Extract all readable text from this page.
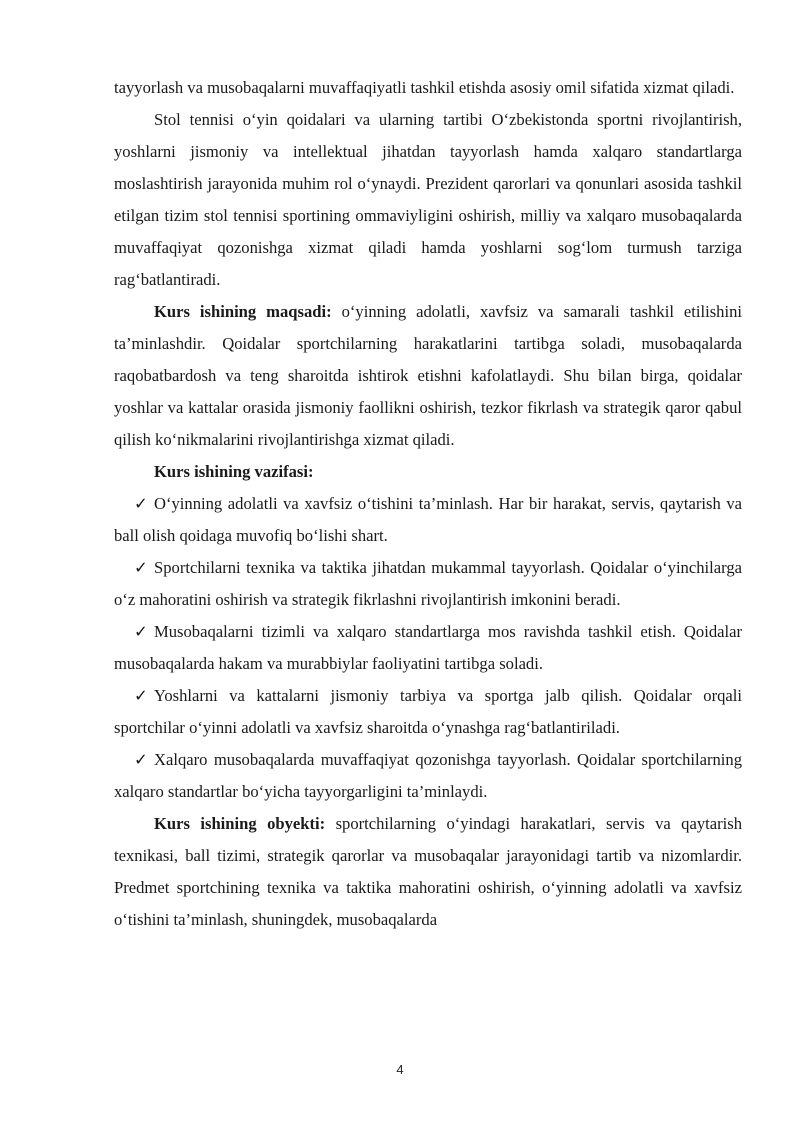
tayyorlash va musobaqalarni muvaffaqiyatli tashkil etishda asosiy omil sifatida xizmat qiladi.

Stol tennisi o‘yin qoidalari va ularning tartibi O‘zbekistonda sportni rivojlantirish, yoshlarni jismoniy va intellektual jihatdan tayyorlash hamda xalqaro standartlarga moslashtirish jarayonida muhim rol o‘ynaydi. Prezident qarorlari va qonunlari asosida tashkil etilgan tizim stol tennisi sportining ommaviyligini oshirish, milliy va xalqaro musobaqalarda muvaffaqiyat qozonishga xizmat qiladi hamda yoshlarni sog‘lom turmush tarziga rag‘batlantiradi.

Kurs ishining maqsadi: o‘yinning adolatli, xavfsiz va samarali tashkil etilishini ta’minlashdir. Qoidalar sportchilarning harakatlarini tartibga soladi, musobaqalarda raqobatbardosh va teng sharoitda ishtirok etishni kafolatlaydi. Shu bilan birga, qoidalar yoshlar va kattalar orasida jismoniy faollikni oshirish, tezkor fikrlash va strategik qaror qabul qilish ko‘nikmalarini rivojlantirishga xizmat qiladi.

Kurs ishining vazifasi:

✓ O‘yinning adolatli va xavfsiz o‘tishini ta’minlash. Har bir harakat, servis, qaytarish va ball olish qoidaga muvofiq bo‘lishi shart.

✓ Sportchilarni texnika va taktika jihatdan mukammal tayyorlash. Qoidalar o‘yinchilarga o‘z mahoratini oshirish va strategik fikrlashni rivojlantirish imkonini beradi.

✓ Musobaqalarni tizimli va xalqaro standartlarga mos ravishda tashkil etish. Qoidalar musobaqalarda hakam va murabbiylar faoliyatini tartibga soladi.

✓ Yoshlarni va kattalarni jismoniy tarbiya va sportga jalb qilish. Qoidalar orqali sportchilar o‘yinni adolatli va xavfsiz sharoitda o‘ynashga rag‘batlantiriladi.

✓ Xalqaro musobaqalarda muvaffaqiyat qozonishga tayyorlash. Qoidalar sportchilarning xalqaro standartlar bo‘yicha tayyorgarligini ta’minlaydi.

Kurs ishining obyekti: sportchilarning o‘yindagi harakatlari, servis va qaytarish texnikasi, ball tizimi, strategik qarorlar va musobaqalar jarayonidagi tartib va nizomlardir. Predmet sportchining texnika va taktika mahoratini oshirish, o‘yinning adolatli va xavfsiz o‘tishini ta’minlash, shuningdek, musobaqalarda

4
